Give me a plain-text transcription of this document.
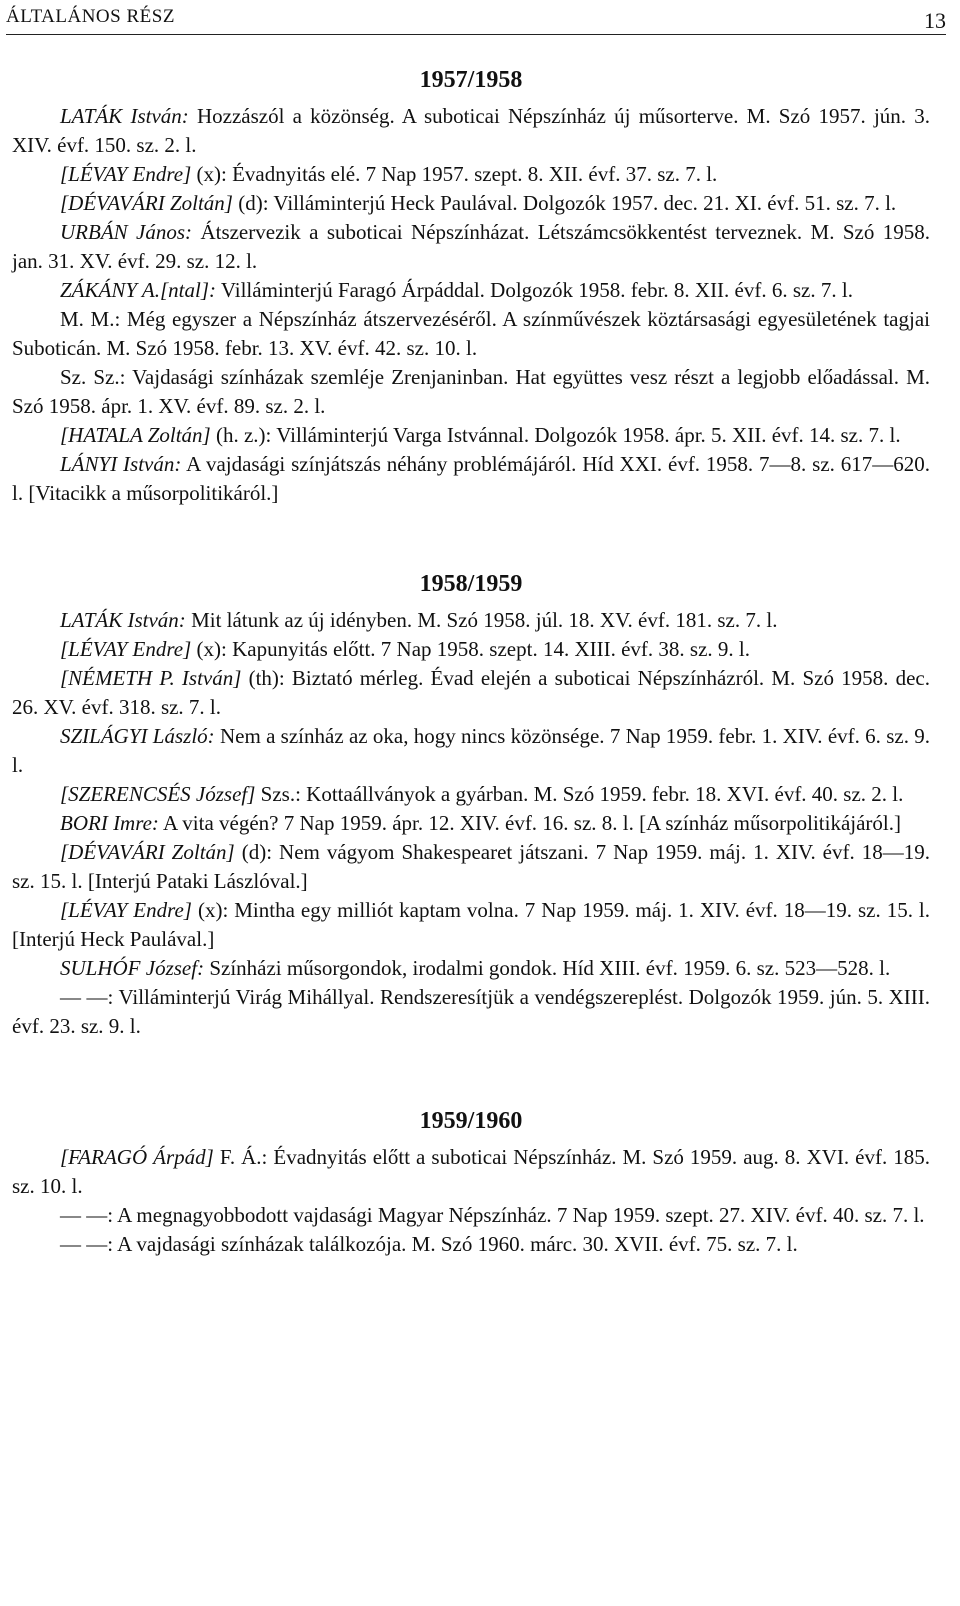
ÁLTALÁNOS RÉSZ	13
1957/1958

LATÁK István: Hozzászól a közönség. A suboticai Népszínház új műsorterve. M. Szó 1957. jún. 3. XIV. évf. 150. sz. 2. l.

[LÉVAY Endre] (x): Évadnyitás elé. 7 Nap 1957. szept. 8. XII. évf. 37. sz. 7. l.

[DÉVAVÁRI Zoltán] (d): Villáminterjú Heck Paulával. Dolgozók 1957. dec. 21. XI. évf. 51. sz. 7. l.

URBÁN János: Átszervezik a suboticai Népszínházat. Létszámcsökkentést terveznek. M. Szó 1958. jan. 31. XV. évf. 29. sz. 12. l.

ZÁKÁNY A.[ntal]: Villáminterjú Faragó Árpáddal. Dolgozók 1958. febr. 8. XII. évf. 6. sz. 7. l.

M. M.: Még egyszer a Népszínház átszervezéséről. A színművészek köztársasági egyesületének tagjai Suboticán. M. Szó 1958. febr. 13. XV. évf. 42. sz. 10. l.

Sz. Sz.: Vajdasági színházak szemléje Zrenjaninban. Hat együttes vesz részt a legjobb előadással. M. Szó 1958. ápr. 1. XV. évf. 89. sz. 2. l.

[HATALA Zoltán] (h. z.): Villáminterjú Varga Istvánnal. Dolgozók 1958. ápr. 5. XII. évf. 14. sz. 7. l.

LÁNYI István: A vajdasági színjátszás néhány problémájáról. Híd XXI. évf. 1958. 7—8. sz. 617—620. l. [Vitacikk a műsorpolitikáról.]

1958/1959

LATÁK István: Mit látunk az új idényben. M. Szó 1958. júl. 18. XV. évf. 181. sz. 7. l.

[LÉVAY Endre] (x): Kapunyitás előtt. 7 Nap 1958. szept. 14. XIII. évf. 38. sz. 9. l.

[NÉMETH P. István] (th): Biztató mérleg. Évad elején a suboticai Népszínházról. M. Szó 1958. dec. 26. XV. évf. 318. sz. 7. l.

SZILÁGYI László: Nem a színház az oka, hogy nincs közönsége. 7 Nap 1959. febr. 1. XIV. évf. 6. sz. 9. l.

[SZERENCSÉS József] Szs.: Kottaállványok a gyárban. M. Szó 1959. febr. 18. XVI. évf. 40. sz. 2. l.

BORI Imre: A vita végén? 7 Nap 1959. ápr. 12. XIV. évf. 16. sz. 8. l. [A színház műsorpolitikájáról.]

[DÉVAVÁRI Zoltán] (d): Nem vágyom Shakespearet játszani. 7 Nap 1959. máj. 1. XIV. évf. 18—19. sz. 15. l. [Interjú Pataki Lászlóval.]

[LÉVAY Endre] (x): Mintha egy milliót kaptam volna. 7 Nap 1959. máj. 1. XIV. évf. 18—19. sz. 15. l. [Interjú Heck Paulával.]

SULHÓF József: Színházi műsorgondok, irodalmi gondok. Híd XIII. évf. 1959. 6. sz. 523—528. l.

— —: Villáminterjú Virág Mihállyal. Rendszeresítjük a vendégszereplést. Dolgozók 1959. jún. 5. XIII. évf. 23. sz. 9. l.

1959/1960

[FARAGÓ Árpád] F. Á.: Évadnyitás előtt a suboticai Népszínház. M. Szó 1959. aug. 8. XVI. évf. 185. sz. 10. l.

— —: A megnagyobbodott vajdasági Magyar Népszínház. 7 Nap 1959. szept. 27. XIV. évf. 40. sz. 7. l.

— —: A vajdasági színházak találkozója. M. Szó 1960. márc. 30. XVII. évf. 75. sz. 7. l.
